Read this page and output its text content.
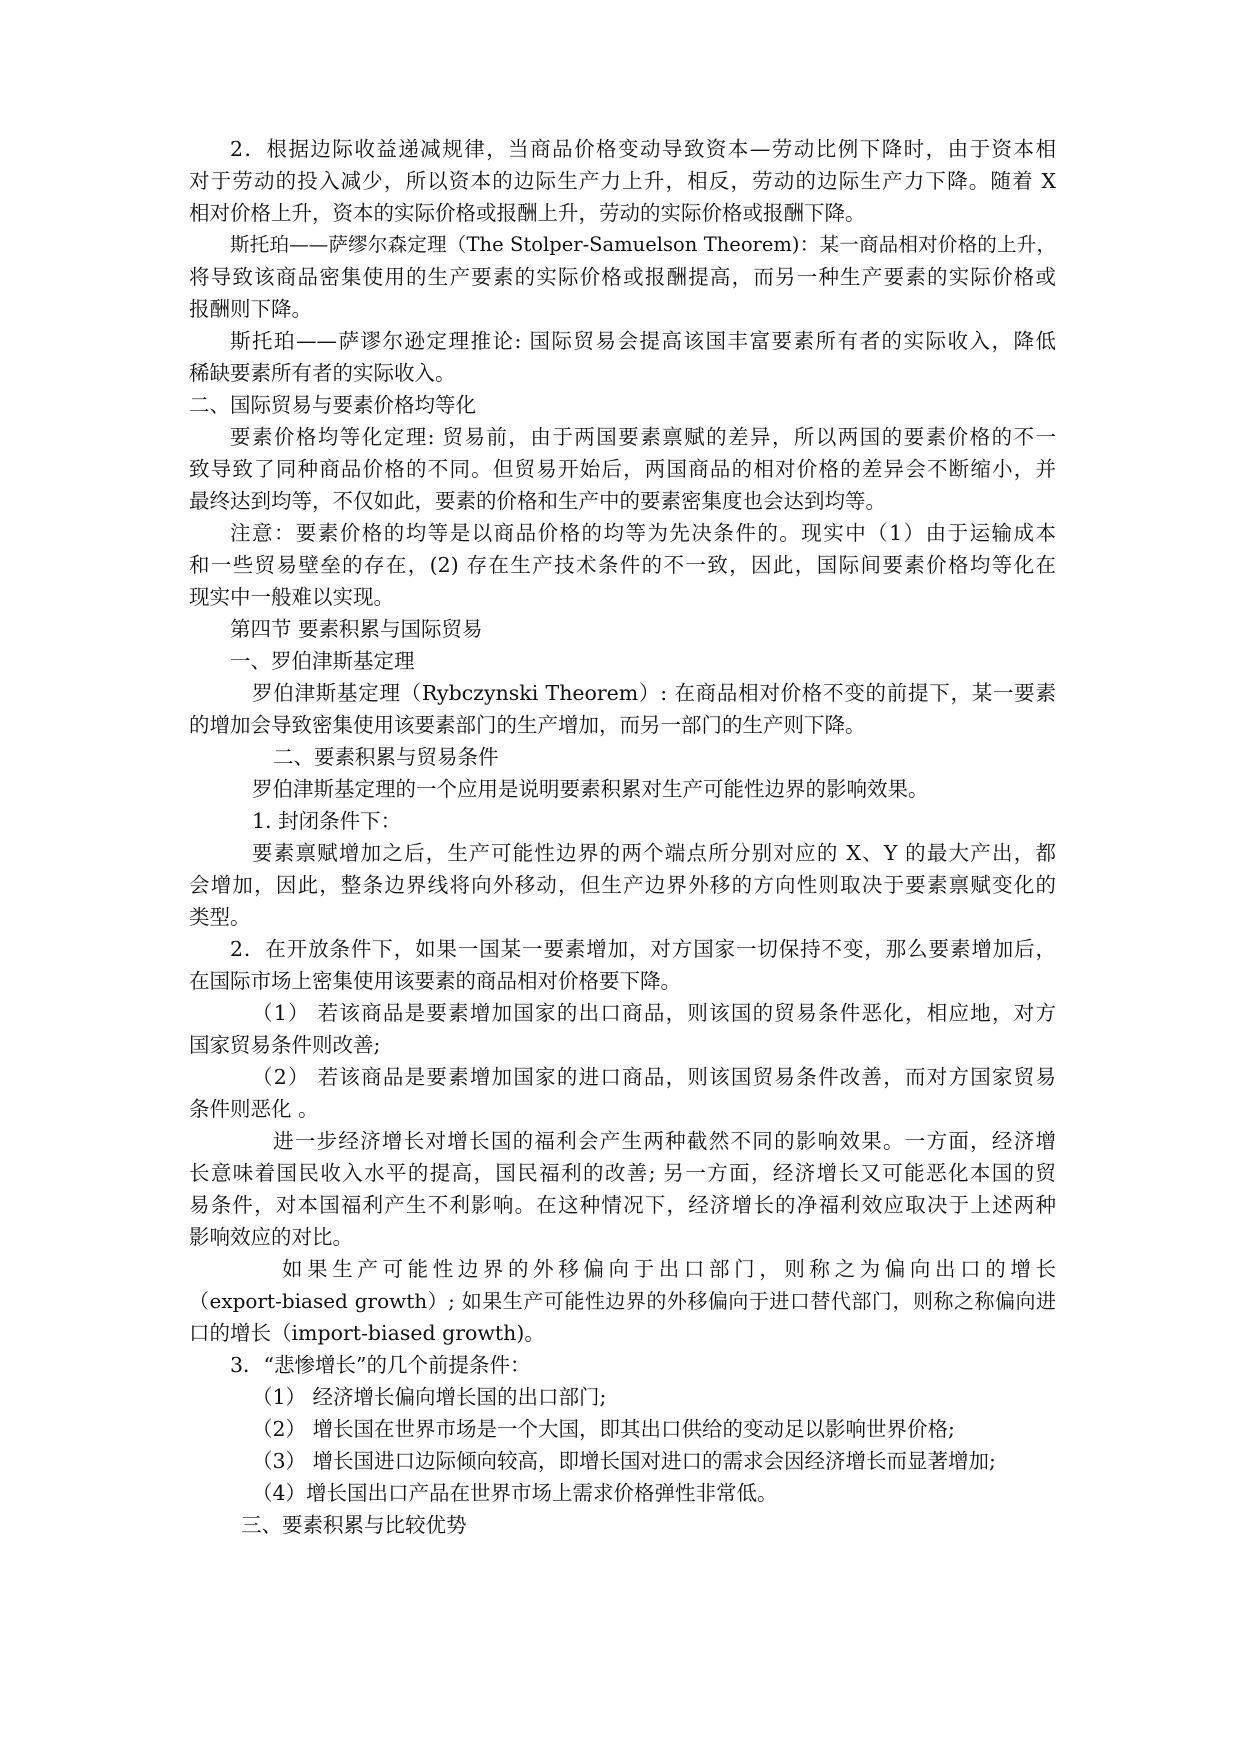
2．根据边际收益递减规律，当商品价格变动导致资本—劳动比例下降时，由于资本相
对于劳动的投入减少，所以资本的边际生产力上升，相反，劳动的边际生产力下降。随着 X
相对价格上升，资本的实际价格或报酬上升，劳动的实际价格或报酬下降。
斯托珀——萨缪尔森定理（The Stolper-Samuelson Theorem)：某一商品相对价格的上升，
将导致该商品密集使用的生产要素的实际价格或报酬提高，而另一种生产要素的实际价格或
报酬则下降。
斯托珀——萨谬尔逊定理推论: 国际贸易会提高该国丰富要素所有者的实际收入，降低
稀缺要素所有者的实际收入。
二、国际贸易与要素价格均等化
要素价格均等化定理: 贸易前，由于两国要素禀赋的差异，所以两国的要素价格的不一
致导致了同种商品价格的不同。但贸易开始后，两国商品的相对价格的差异会不断缩小，并
最终达到均等，不仅如此，要素的价格和生产中的要素密集度也会达到均等。
注意：要素价格的均等是以商品价格的均等为先决条件的。现实中（1）由于运输成本
和一些贸易壁垒的存在，(2) 存在生产技术条件的不一致，因此，国际间要素价格均等化在
现实中一般难以实现。
第四节 要素积累与国际贸易
一、罗伯津斯基定理
罗伯津斯基定理（Rybczynski Theorem）: 在商品相对价格不变的前提下，某一要素
的增加会导致密集使用该要素部门的生产增加，而另一部门的生产则下降。
二、要素积累与贸易条件
罗伯津斯基定理的一个应用是说明要素积累对生产可能性边界的影响效果。
1. 封闭条件下：
要素禀赋增加之后，生产可能性边界的两个端点所分别对应的 X、Y 的最大产出，都
会增加，因此，整条边界线将向外移动，但生产边界外移的方向性则取决于要素禀赋变化的
类型。
2．在开放条件下，如果一国某一要素增加，对方国家一切保持不变，那么要素增加后，
在国际市场上密集使用该要素的商品相对价格要下降。
（1） 若该商品是要素增加国家的出口商品，则该国的贸易条件恶化，相应地，对方
国家贸易条件则改善;
（2） 若该商品是要素增加国家的进口商品，则该国贸易条件改善，而对方国家贸易
条件则恶化 。
进一步经济增长对增长国的福利会产生两种截然不同的影响效果。一方面，经济增
长意味着国民收入水平的提高，国民福利的改善; 另一方面，经济增长又可能恶化本国的贸
易条件，对本国福利产生不利影响。在这种情况下，经济增长的净福利效应取决于上述两种
影响效应的对比。
如果生产可能性边界的外移偏向于出口部门，则称之为偏向出口的增长
（export-biased growth）; 如果生产可能性边界的外移偏向于进口替代部门，则称之称偏向进
口的增长（import-biased growth)。
3．“悲惨增长”的几个前提条件：
（1） 经济增长偏向增长国的出口部门;
（2） 增长国在世界市场是一个大国，即其出口供给的变动足以影响世界价格;
（3） 增长国进口边际倾向较高，即增长国对进口的需求会因经济增长而显著增加;
（4）增长国出口产品在世界市场上需求价格弹性非常低。
三、要素积累与比较优势
